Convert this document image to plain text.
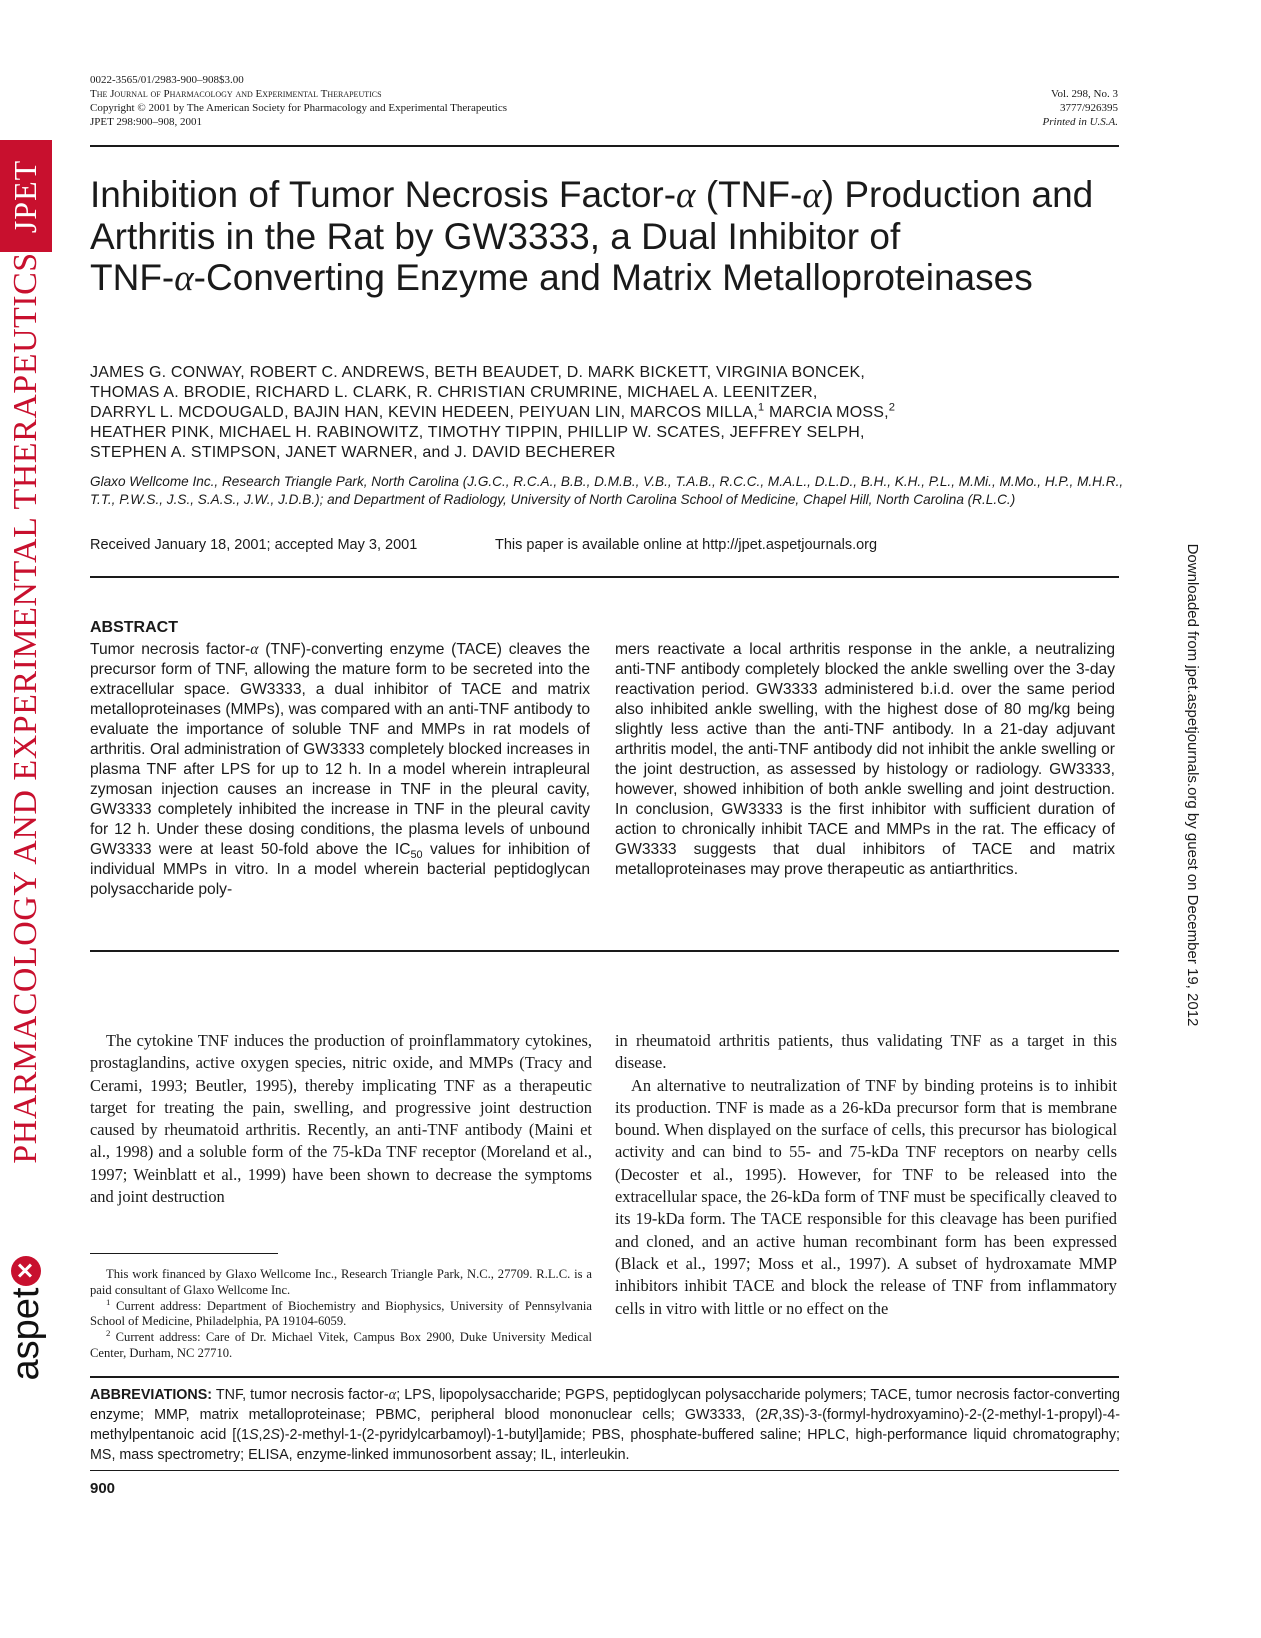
0022-3565/01/2983-900–908$3.00
The Journal of Pharmacology and Experimental Therapeutics
Copyright © 2001 by The American Society for Pharmacology and Experimental Therapeutics
JPET 298:900–908, 2001
Vol. 298, No. 3
3777/926395
Printed in U.S.A.
JPET
PHARMACOLOGY AND EXPERIMENTAL THERAPEUTICS
aspet
✕
Downloaded from jpet.aspetjournals.org by guest on December 19, 2012
Inhibition of Tumor Necrosis Factor-α (TNF-α) Production and
Arthritis in the Rat by GW3333, a Dual Inhibitor of
TNF-α-Converting Enzyme and Matrix Metalloproteinases
JAMES G. CONWAY, ROBERT C. ANDREWS, BETH BEAUDET, D. MARK BICKETT, VIRGINIA BONCEK,
THOMAS A. BRODIE, RICHARD L. CLARK, R. CHRISTIAN CRUMRINE, MICHAEL A. LEENITZER,
DARRYL L. MCDOUGALD, BAJIN HAN, KEVIN HEDEEN, PEIYUAN LIN, MARCOS MILLA,$^1$ MARCIA MOSS,$^2$
HEATHER PINK, MICHAEL H. RABINOWITZ, TIMOTHY TIPPIN, PHILLIP W. SCATES, JEFFREY SELPH,
STEPHEN A. STIMPSON, JANET WARNER, and J. DAVID BECHERER
Glaxo Wellcome Inc., Research Triangle Park, North Carolina (J.G.C., R.C.A., B.B., D.M.B., V.B., T.A.B., R.C.C., M.A.L., D.L.D., B.H., K.H., P.L., M.Mi., M.Mo., H.P., M.H.R., T.T., P.W.S., J.S., S.A.S., J.W., J.D.B.); and Department of Radiology, University of North Carolina School of Medicine, Chapel Hill, North Carolina (R.L.C.)
Received January 18, 2001; accepted May 3, 2001	This paper is available online at http://jpet.aspetjournals.org
ABSTRACT

Tumor necrosis factor-α (TNF)-converting enzyme (TACE) cleaves the precursor form of TNF, allowing the mature form to be secreted into the extracellular space. GW3333, a dual inhibitor of TACE and matrix metalloproteinases (MMPs), was compared with an anti-TNF antibody to evaluate the importance of soluble TNF and MMPs in rat models of arthritis. Oral administration of GW3333 completely blocked increases in plasma TNF after LPS for up to 12 h. In a model wherein intrapleural zymosan injection causes an increase in TNF in the pleural cavity, GW3333 completely inhibited the increase in TNF in the pleural cavity for 12 h. Under these dosing conditions, the plasma levels of unbound GW3333 were at least 50-fold above the $IC_{50}$ values for inhibition of individual MMPs in vitro. In a model wherein bacterial peptidoglycan polysaccharide poly-

mers reactivate a local arthritis response in the ankle, a neutralizing anti-TNF antibody completely blocked the ankle swelling over the 3-day reactivation period. GW3333 administered b.i.d. over the same period also inhibited ankle swelling, with the highest dose of 80 mg/kg being slightly less active than the anti-TNF antibody. In a 21-day adjuvant arthritis model, the anti-TNF antibody did not inhibit the ankle swelling or the joint destruction, as assessed by histology or radiology. GW3333, however, showed inhibition of both ankle swelling and joint destruction. In conclusion, GW3333 is the first inhibitor with sufficient duration of action to chronically inhibit TACE and MMPs in the rat. The efficacy of GW3333 suggests that dual inhibitors of TACE and matrix metalloproteinases may prove therapeutic as antiarthritics.

The cytokine TNF induces the production of proinflammatory cytokines, prostaglandins, active oxygen species, nitric oxide, and MMPs (Tracy and Cerami, 1993; Beutler, 1995), thereby implicating TNF as a therapeutic target for treating the pain, swelling, and progressive joint destruction caused by rheumatoid arthritis. Recently, an anti-TNF antibody (Maini et al., 1998) and a soluble form of the 75-kDa TNF receptor (Moreland et al., 1997; Weinblatt et al., 1999) have been shown to decrease the symptoms and joint destruction

in rheumatoid arthritis patients, thus validating TNF as a target in this disease.

An alternative to neutralization of TNF by binding proteins is to inhibit its production. TNF is made as a 26-kDa precursor form that is membrane bound. When displayed on the surface of cells, this precursor has biological activity and can bind to 55- and 75-kDa TNF receptors on nearby cells (Decoster et al., 1995). However, for TNF to be released into the extracellular space, the 26-kDa form of TNF must be specifically cleaved to its 19-kDa form. The TACE responsible for this cleavage has been purified and cloned, and an active human recombinant form has been expressed (Black et al., 1997; Moss et al., 1997). A subset of hydroxamate MMP inhibitors inhibit TACE and block the release of TNF from inflammatory cells in vitro with little or no effect on the

This work financed by Glaxo Wellcome Inc., Research Triangle Park, N.C., 27709. R.L.C. is a paid consultant of Glaxo Wellcome Inc.

$^1$ Current address: Department of Biochemistry and Biophysics, University of Pennsylvania School of Medicine, Philadelphia, PA 19104-6059.

$^2$ Current address: Care of Dr. Michael Vitek, Campus Box 2900, Duke University Medical Center, Durham, NC 27710.

ABBREVIATIONS: TNF, tumor necrosis factor-α; LPS, lipopolysaccharide; PGPS, peptidoglycan polysaccharide polymers; TACE, tumor necrosis factor-converting enzyme; MMP, matrix metalloproteinase; PBMC, peripheral blood mononuclear cells; GW3333, (2R,3S)-3-(formyl-hydroxyamino)-2-(2-methyl-1-propyl)-4-methylpentanoic acid [(1S,2S)-2-methyl-1-(2-pyridylcarbamoyl)-1-butyl]amide; PBS, phosphate-buffered saline; HPLC, high-performance liquid chromatography; MS, mass spectrometry; ELISA, enzyme-linked immunosorbent assay; IL, interleukin.
900
